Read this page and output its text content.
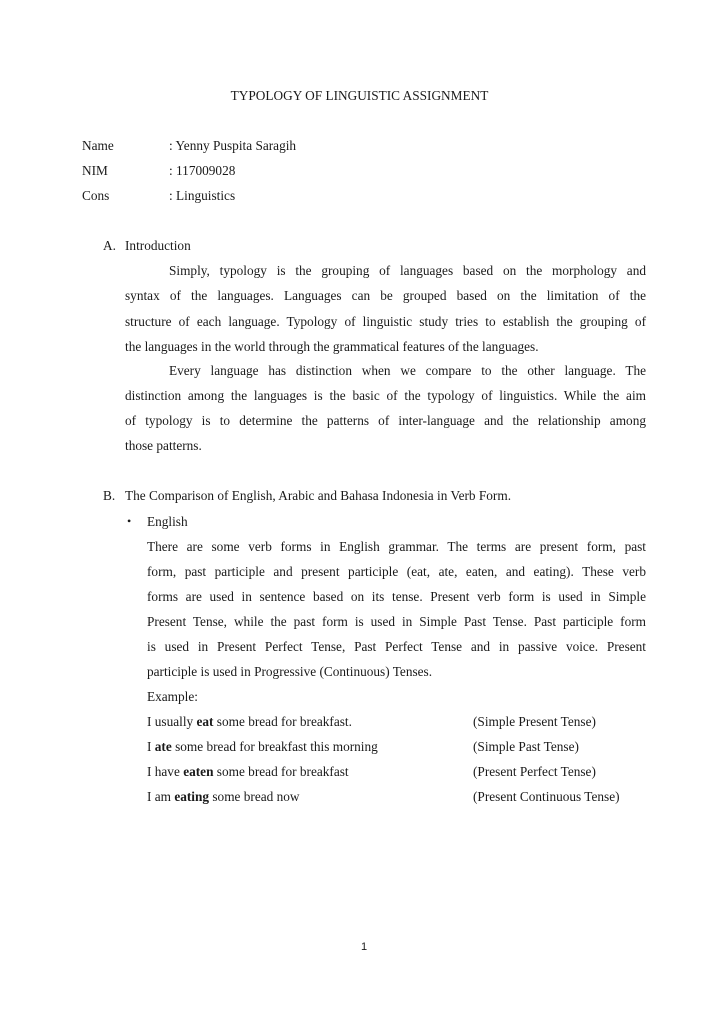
TYPOLOGY OF LINGUISTIC ASSIGNMENT
Name	: Yenny Puspita Saragih
NIM	: 117009028
Cons	: Linguistics
A. Introduction
Simply, typology is the grouping of languages based on the morphology and
syntax of the languages. Languages can be grouped based on the limitation of the
structure of each language. Typology of linguistic study tries to establish the grouping of
the languages in the world through the grammatical features of the languages.
Every language has distinction when we compare to the other language. The
distinction among the languages is the basic of the typology of linguistics. While the aim
of typology is to determine the patterns of inter-language and the relationship among
those patterns.
B. The Comparison of English, Arabic and Bahasa Indonesia in Verb Form.
• English
There are some verb forms in English grammar. The terms are present form, past
form, past participle and present participle (eat, ate, eaten, and eating). These verb
forms are used in sentence based on its tense. Present verb form is used in Simple
Present Tense, while the past form is used in Simple Past Tense. Past participle form
is used in Present Perfect Tense, Past Perfect Tense and in passive voice. Present
participle is used in Progressive (Continuous) Tenses.
Example:
I usually eat some bread for breakfast.	(Simple Present Tense)
I ate some bread for breakfast this morning	(Simple Past Tense)
I have eaten some bread for breakfast	(Present Perfect Tense)
I am eating some bread now	(Present Continuous Tense)
1
